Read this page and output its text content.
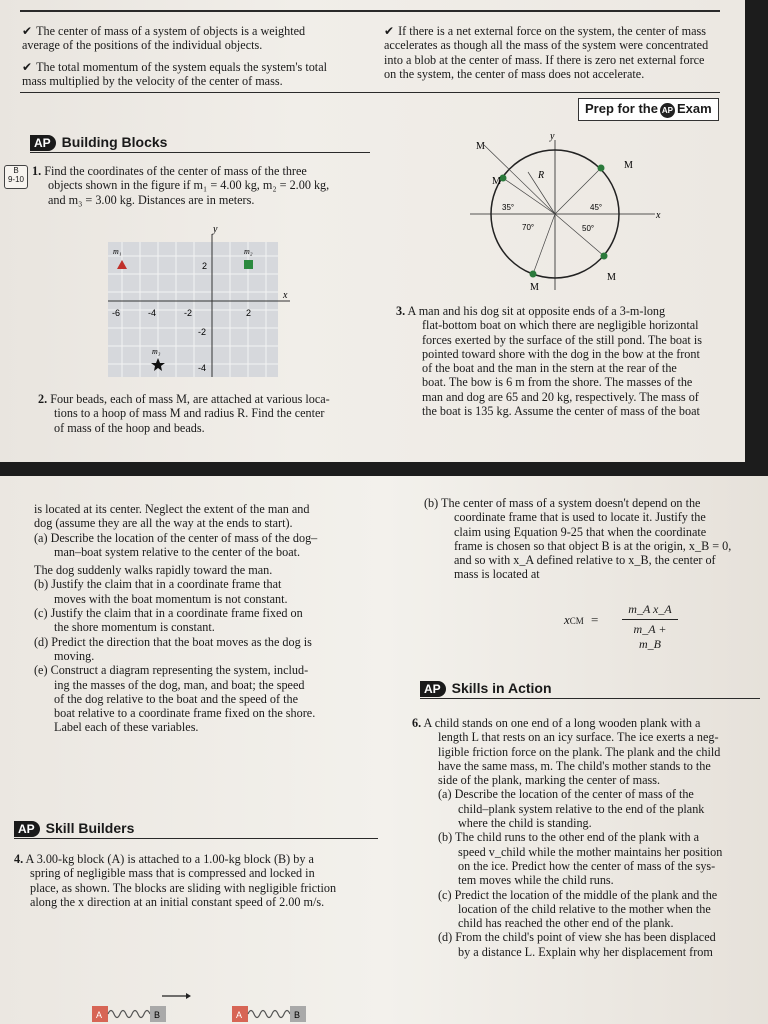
✔ The center of mass of a system of objects is a weighted average of the positions of the individual objects.
✔ The total momentum of the system equals the system's total mass multiplied by the velocity of the center of mass.
✔ If there is a net external force on the system, the center of mass accelerates as though all the mass of the system were concentrated into a blob at the center of mass. If there is zero net external force on the system, the center of mass does not accelerate.
Prep for the AP Exam
AP Building Blocks
B
9-10
1. Find the coordinates of the center of mass of the three
objects shown in the figure if m₁ = 4.00 kg, m₂ = 2.00 kg,
and m₃ = 3.00 kg. Distances are in meters.
y
x
-6	-4	-2	2
2
-2
-4
m₁	m₂
m₃
2. Four beads, each of mass M, are attached at various loca-
tions to a hoop of mass M and radius R. Find the center
of mass of the hoop and beads.
x
y
M
M
M
M
M
R
35°	45°
70°	50°
3. A man and his dog sit at opposite ends of a 3-m-long
flat-bottom boat on which there are negligible horizontal
forces exerted by the surface of the still pond. The boat is
pointed toward shore with the dog in the bow at the front
of the boat and the man in the stern at the rear of the
boat. The bow is 6 m from the shore. The masses of the
man and dog are 65 and 20 kg, respectively. The mass of
the boat is 135 kg. Assume the center of mass of the boat
is located at its center. Neglect the extent of the man and
dog (assume they are all the way at the ends to start).
(a) Describe the location of the center of mass of the dog–
man–boat system relative to the center of the boat.
The dog suddenly walks rapidly toward the man.
(b) Justify the claim that in a coordinate frame that
moves with the boat momentum is not constant.
(c) Justify the claim that in a coordinate frame fixed on
the shore momentum is constant.
(d) Predict the direction that the boat moves as the dog is
moving.
(e) Construct a diagram representing the system, includ-
ing the masses of the dog, man, and boat; the speed
of the dog relative to the boat and the speed of the
boat relative to a coordinate frame fixed on the shore.
Label each of these variables.
AP Skill Builders
4. A 3.00-kg block (A) is attached to a 1.00-kg block (B) by a
spring of negligible mass that is compressed and locked in
place, as shown. The blocks are sliding with negligible friction
along the x direction at an initial constant speed of 2.00 m/s.
A	B	A	B
(b) The center of mass of a system doesn't depend on the
coordinate frame that is used to locate it. Justify the
claim using Equation 9-25 that when the coordinate
frame is chosen so that object B is at the origin, x_B = 0,
and so with x_A defined relative to x_B, the center of
mass is located at
xCM =
m_A x_A
m_A + m_B
AP Skills in Action
6. A child stands on one end of a long wooden plank with a
length L that rests on an icy surface. The ice exerts a neg-
ligible friction force on the plank. The plank and the child
have the same mass, m. The child's mother stands to the
side of the plank, marking the center of mass.
(a) Describe the location of the center of mass of the
child–plank system relative to the end of the plank
where the child is standing.
(b) The child runs to the other end of the plank with a
speed v_child while the mother maintains her position
on the ice. Predict how the center of mass of the sys-
tem moves while the child runs.
(c) Predict the location of the middle of the plank and the
location of the child relative to the mother when the
child has reached the other end of the plank.
(d) From the child's point of view she has been displaced
by a distance L. Explain why her displacement from
